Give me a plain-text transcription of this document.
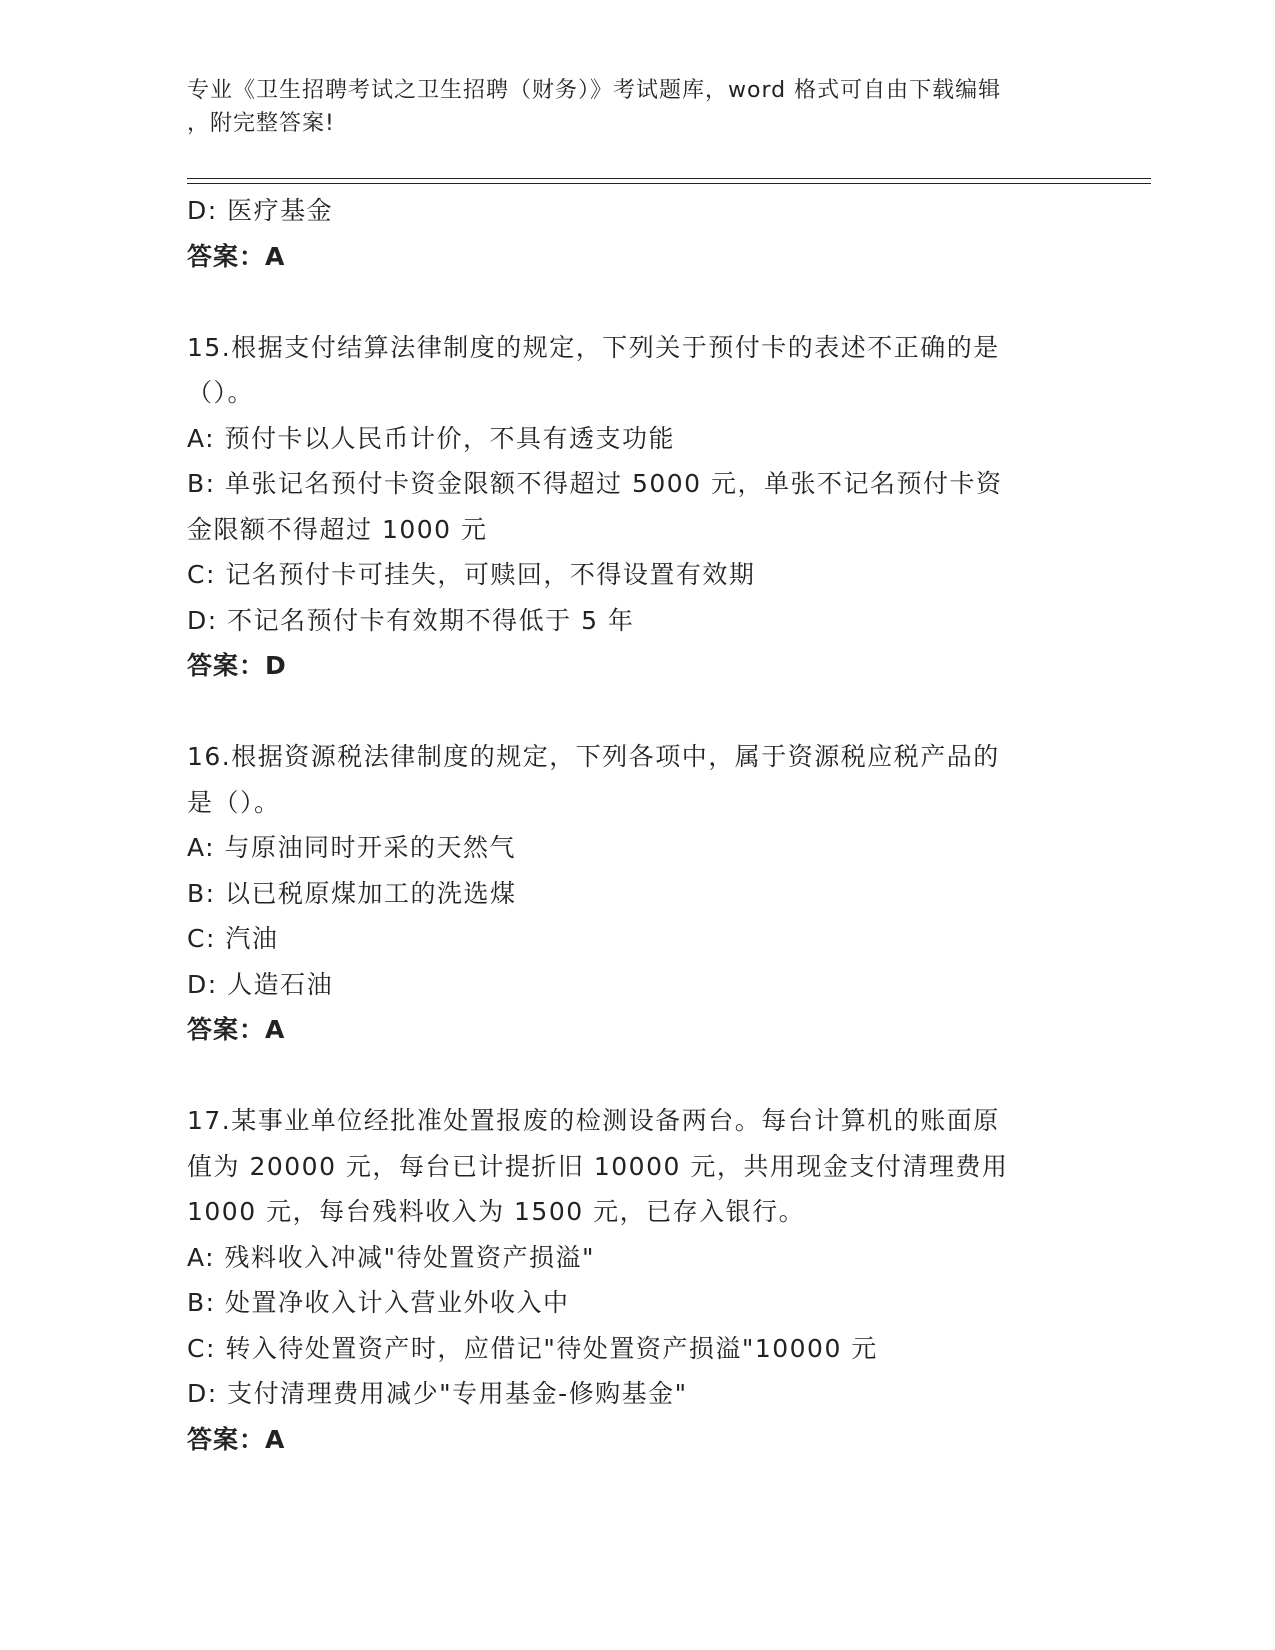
专业《卫生招聘考试之卫生招聘（财务）》考试题库，word 格式可自由下载编辑
，附完整答案!
D: 医疗基金
答案：A
15.根据支付结算法律制度的规定，下列关于预付卡的表述不正确的是
（）。
A: 预付卡以人民币计价，不具有透支功能
B: 单张记名预付卡资金限额不得超过 5000 元，单张不记名预付卡资
金限额不得超过 1000 元
C: 记名预付卡可挂失，可赎回，不得设置有效期
D: 不记名预付卡有效期不得低于 5 年
答案：D
16.根据资源税法律制度的规定，下列各项中，属于资源税应税产品的
是（）。
A: 与原油同时开采的天然气
B: 以已税原煤加工的洗选煤
C: 汽油
D: 人造石油
答案：A
17.某事业单位经批准处置报废的检测设备两台。每台计算机的账面原
值为 20000 元，每台已计提折旧 10000 元，共用现金支付清理费用
1000 元，每台残料收入为 1500 元，已存入银行。
A: 残料收入冲减"待处置资产损溢"
B: 处置净收入计入营业外收入中
C: 转入待处置资产时，应借记"待处置资产损溢"10000 元
D: 支付清理费用减少"专用基金-修购基金"
答案：A
